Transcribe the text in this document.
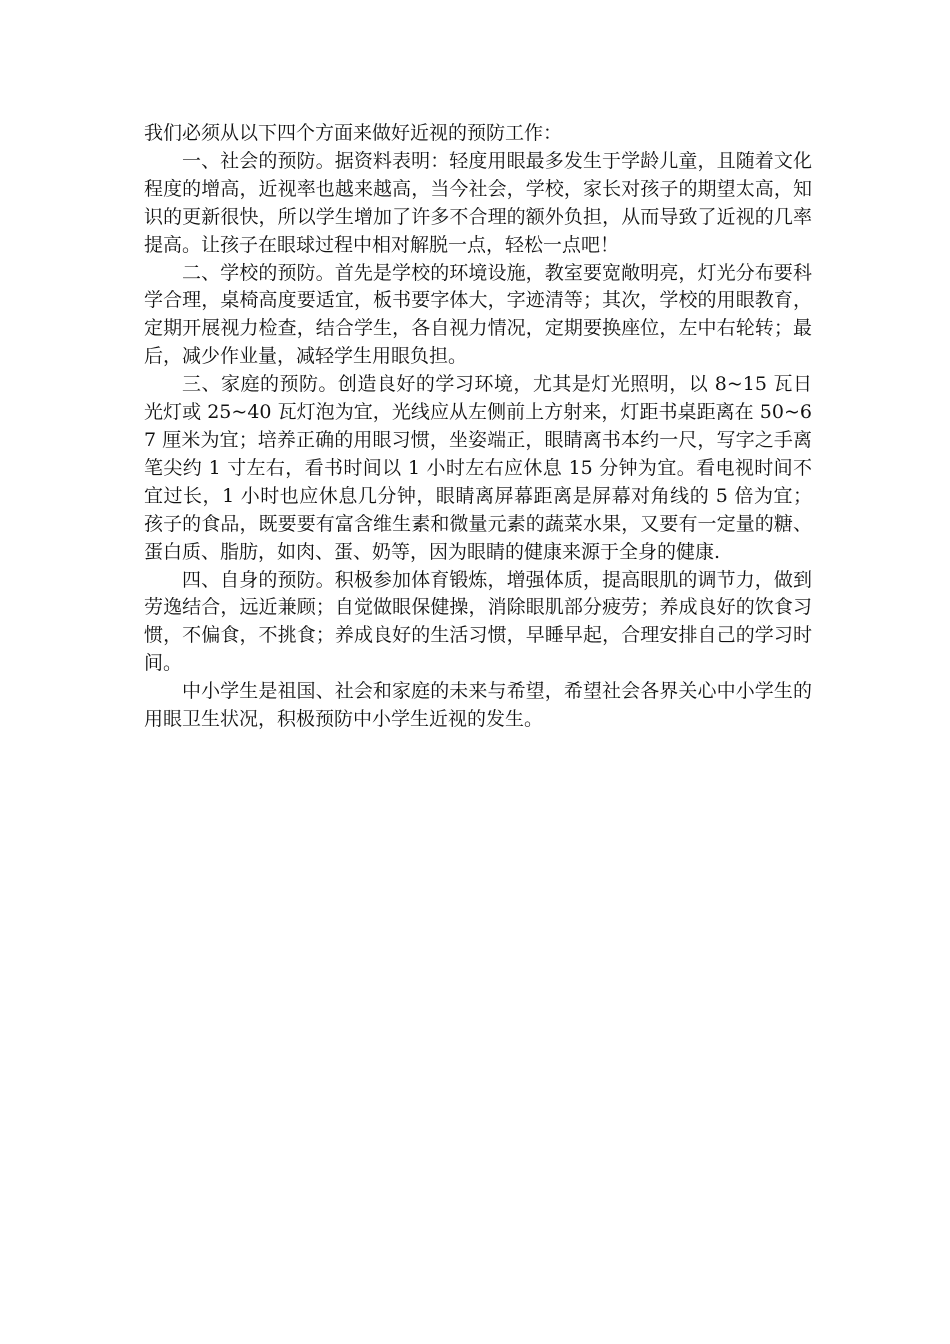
我们必须从以下四个方面来做好近视的预防工作：

一、社会的预防。据资料表明：轻度用眼最多发生于学龄儿童，且随着文化程度的增高，近视率也越来越高，当今社会，学校，家长对孩子的期望太高，知识的更新很快，所以学生增加了许多不合理的额外负担，从而导致了近视的几率提高。让孩子在眼球过程中相对解脱一点，轻松一点吧！

二、学校的预防。首先是学校的环境设施，教室要宽敞明亮，灯光分布要科学合理，桌椅高度要适宜，板书要字体大，字迹清等；其次，学校的用眼教育，定期开展视力检查，结合学生，各自视力情况，定期要换座位，左中右轮转；最后，减少作业量，减轻学生用眼负担。

三、家庭的预防。创造良好的学习环境，尤其是灯光照明，以 8~15 瓦日光灯或 25~40 瓦灯泡为宜，光线应从左侧前上方射来，灯距书桌距离在 50~67 厘米为宜；培养正确的用眼习惯，坐姿端正，眼睛离书本约一尺，写字之手离笔尖约 1 寸左右，看书时间以 1 小时左右应休息 15 分钟为宜。看电视时间不宜过长，1 小时也应休息几分钟，眼睛离屏幕距离是屏幕对角线的 5 倍为宜；孩子的食品，既要要有富含维生素和微量元素的蔬菜水果，又要有一定量的糖、蛋白质、脂肪，如肉、蛋、奶等，因为眼睛的健康来源于全身的健康.

四、自身的预防。积极参加体育锻炼，增强体质，提高眼肌的调节力，做到劳逸结合，远近兼顾；自觉做眼保健操，消除眼肌部分疲劳；养成良好的饮食习惯，不偏食，不挑食；养成良好的生活习惯，早睡早起，合理安排自己的学习时间。

中小学生是祖国、社会和家庭的未来与希望，希望社会各界关心中小学生的用眼卫生状况，积极预防中小学生近视的发生。
